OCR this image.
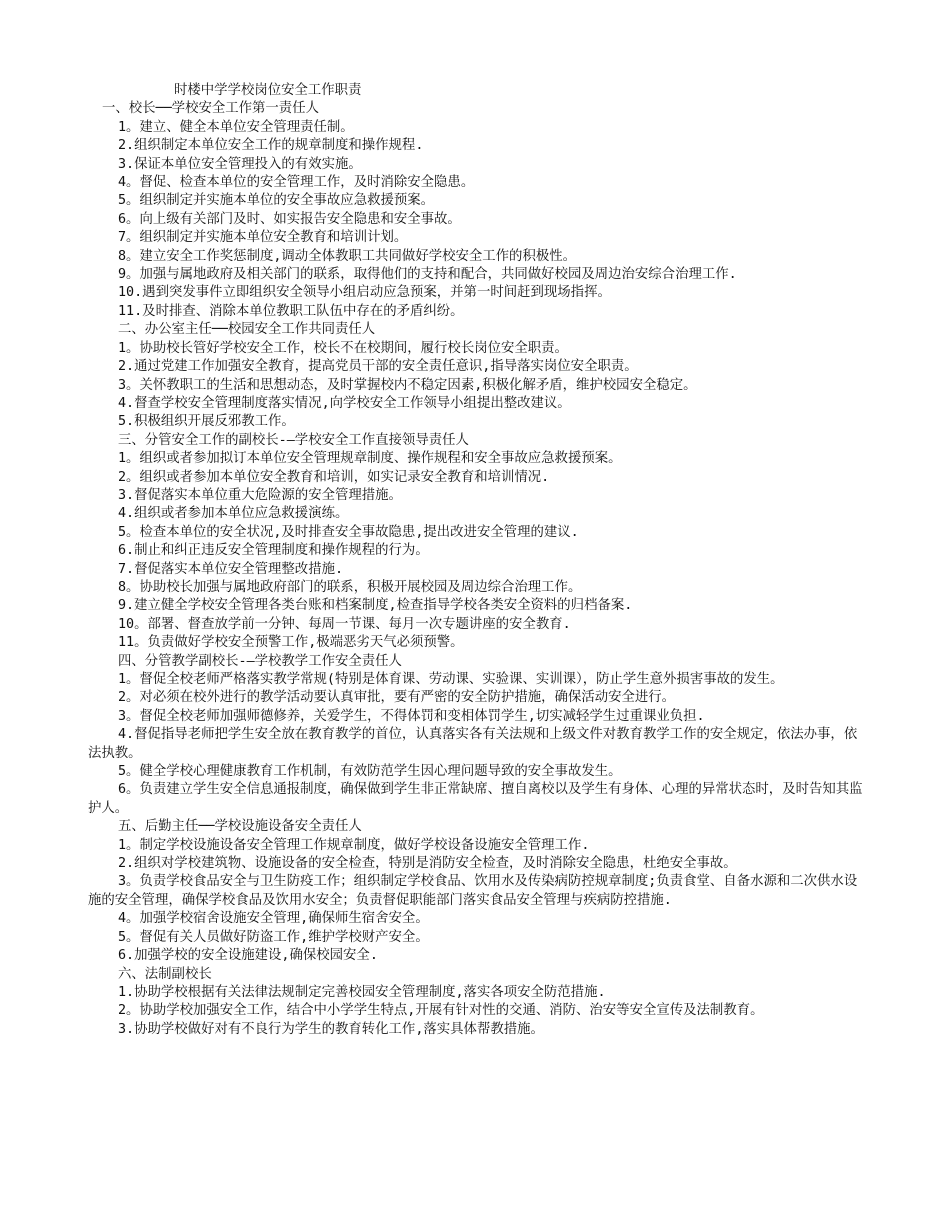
时楼中学学校岗位安全工作职责

一、校长──学校安全工作第一责任人

1。建立、健全本单位安全管理责任制。

2.组织制定本单位安全工作的规章制度和操作规程.

3.保证本单位安全管理投入的有效实施。

4。督促、检查本单位的安全管理工作，及时消除安全隐患。

5。组织制定并实施本单位的安全事故应急救援预案。

6。向上级有关部门及时、如实报告安全隐患和安全事故。

7。组织制定并实施本单位安全教育和培训计划。

8。建立安全工作奖惩制度,调动全体教职工共同做好学校安全工作的积极性。

9。加强与属地政府及相关部门的联系，取得他们的支持和配合，共同做好校园及周边治安综合治理工作.

10.遇到突发事件立即组织安全领导小组启动应急预案，并第一时间赶到现场指挥。

11.及时排查、消除本单位教职工队伍中存在的矛盾纠纷。

二、办公室主任──校园安全工作共同责任人

1。协助校长管好学校安全工作，校长不在校期间，履行校长岗位安全职责。

2.通过党建工作加强安全教育，提高党员干部的安全责任意识,指导落实岗位安全职责。

3。关怀教职工的生活和思想动态，及时掌握校内不稳定因素,积极化解矛盾，维护校园安全稳定。

4.督查学校安全管理制度落实情况,向学校安全工作领导小组提出整改建议。

5.积极组织开展反邪教工作。

三、分管安全工作的副校长-—学校安全工作直接领导责任人

1。组织或者参加拟订本单位安全管理规章制度、操作规程和安全事故应急救援预案。

2。组织或者参加本单位安全教育和培训，如实记录安全教育和培训情况.

3.督促落实本单位重大危险源的安全管理措施。

4.组织或者参加本单位应急救援演练。

5。检查本单位的安全状况,及时排查安全事故隐患,提出改进安全管理的建议.

6.制止和纠正违反安全管理制度和操作规程的行为。

7.督促落实本单位安全管理整改措施.

8。协助校长加强与属地政府部门的联系，积极开展校园及周边综合治理工作。

9.建立健全学校安全管理各类台账和档案制度,检查指导学校各类安全资料的归档备案.

10。部署、督查放学前一分钟、每周一节课、每月一次专题讲座的安全教育.

11。负责做好学校安全预警工作,极端恶劣天气必须预警。

四、分管教学副校长-—学校教学工作安全责任人

1。督促全校老师严格落实教学常规(特别是体育课、劳动课、实验课、实训课），防止学生意外损害事故的发生。

2。对必须在校外进行的教学活动要认真审批，要有严密的安全防护措施，确保活动安全进行。

3。督促全校老师加强师德修养，关爱学生，不得体罚和变相体罚学生,切实减轻学生过重课业负担.

4.督促指导老师把学生安全放在教育教学的首位，认真落实各有关法规和上级文件对教育教学工作的安全规定，依法办事，依法执教。

5。健全学校心理健康教育工作机制，有效防范学生因心理问题导致的安全事故发生。

6。负责建立学生安全信息通报制度，确保做到学生非正常缺席、擅自离校以及学生有身体、心理的异常状态时，及时告知其监护人。

五、后勤主任──学校设施设备安全责任人

1。制定学校设施设备安全管理工作规章制度，做好学校设备设施安全管理工作.

2.组织对学校建筑物、设施设备的安全检查，特别是消防安全检查，及时消除安全隐患，杜绝安全事故。

3。负责学校食品安全与卫生防疫工作；组织制定学校食品、饮用水及传染病防控规章制度;负责食堂、自备水源和二次供水设施的安全管理，确保学校食品及饮用水安全；负责督促职能部门落实食品安全管理与疾病防控措施.

4。加强学校宿舍设施安全管理,确保师生宿舍安全。

5。督促有关人员做好防盗工作,维护学校财产安全。

6.加强学校的安全设施建设,确保校园安全.

六、法制副校长

1.协助学校根据有关法律法规制定完善校园安全管理制度,落实各项安全防范措施.

2。协助学校加强安全工作，结合中小学学生特点,开展有针对性的交通、消防、治安等安全宣传及法制教育。

3.协助学校做好对有不良行为学生的教育转化工作,落实具体帮教措施。
